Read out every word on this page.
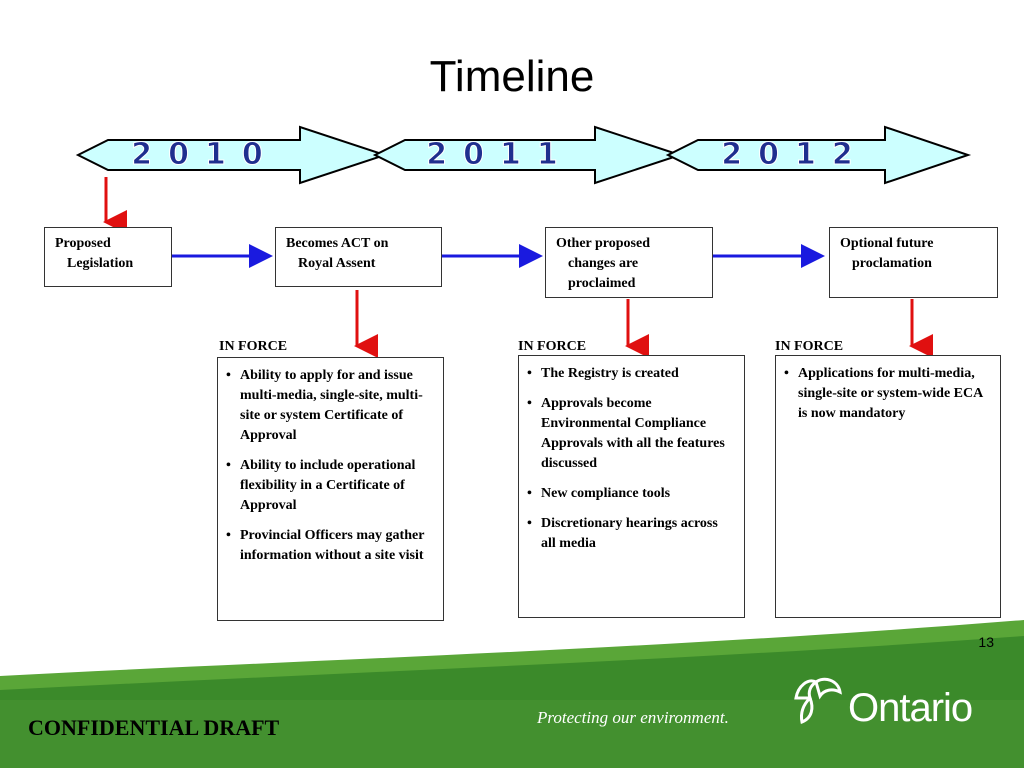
Timeline
2010	2011	2012
Proposed
Legislation
Becomes ACT on
Royal Assent
Other proposed
changes are
proclaimed
Optional future
proclamation
IN FORCE	IN FORCE	IN FORCE
• Ability to apply for and issue multi-media, single-site, multi-site or system Certificate of Approval
• Ability to include operational flexibility in a Certificate of Approval
• Provincial Officers may gather information without a site visit
• The Registry is created
• Approvals become Environmental Compliance Approvals with all the features discussed
• New compliance tools
• Discretionary hearings across all media
• Applications for multi-media, single-site or system-wide ECA is now mandatory
13
CONFIDENTIAL DRAFT	Protecting our environment.	Ontario
